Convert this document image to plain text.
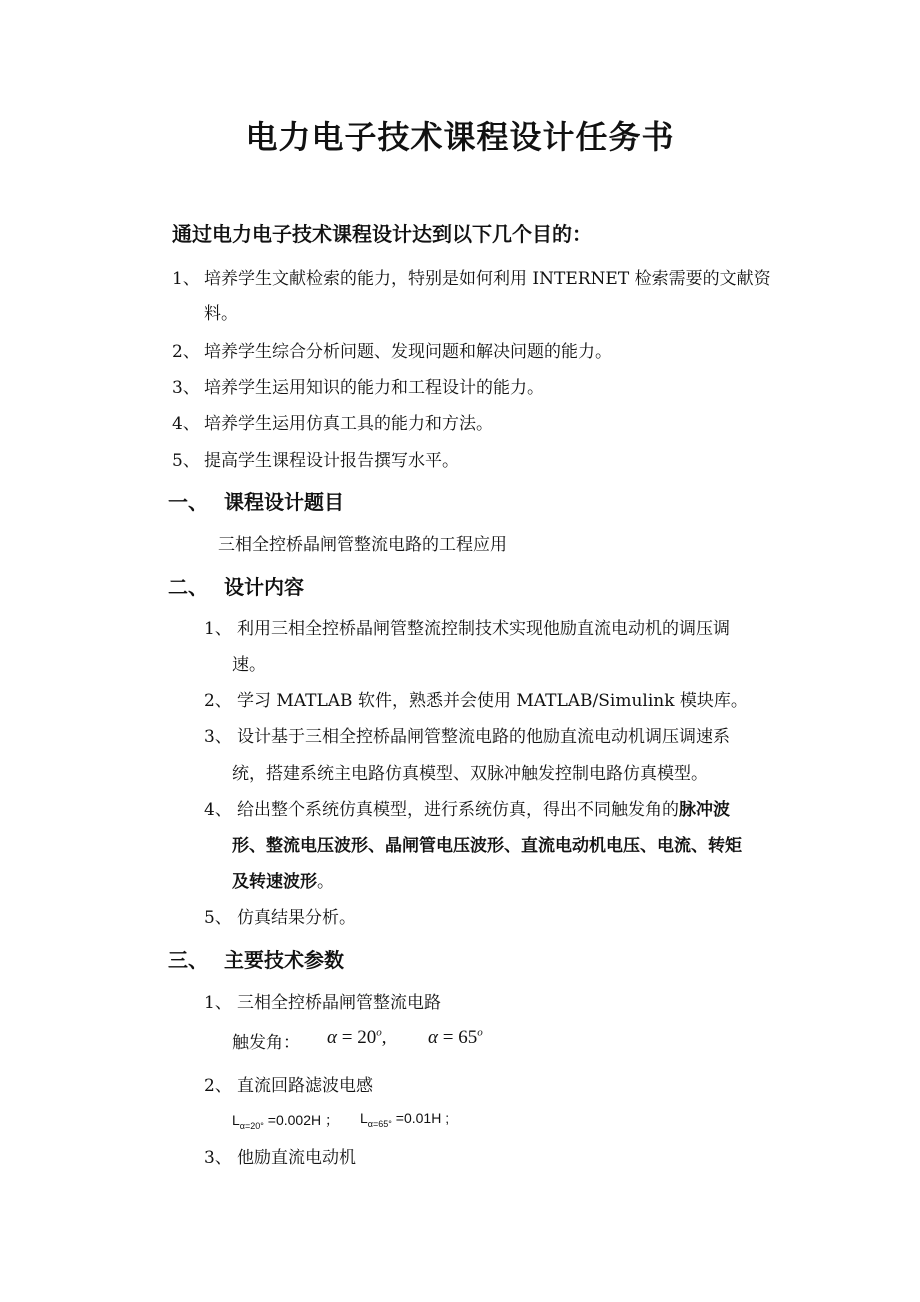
电力电子技术课程设计任务书
通过电力电子技术课程设计达到以下几个目的：
1、 培养学生文献检索的能力，特别是如何利用 INTERNET 检索需要的文献资
料。
2、 培养学生综合分析问题、发现问题和解决问题的能力。
3、 培养学生运用知识的能力和工程设计的能力。
4、 培养学生运用仿真工具的能力和方法。
5、 提高学生课程设计报告撰写水平。
一、 课程设计题目
三相全控桥晶闸管整流电路的工程应用
二、 设计内容
1、 利用三相全控桥晶闸管整流控制技术实现他励直流电动机的调压调
速。
2、 学习 MATLAB 软件，熟悉并会使用 MATLAB/Simulink 模块库。
3、 设计基于三相全控桥晶闸管整流电路的他励直流电动机调压调速系
统，搭建系统主电路仿真模型、双脉冲触发控制电路仿真模型。
4、 给出整个系统仿真模型，进行系统仿真，得出不同触发角的脉冲波
形、整流电压波形、晶闸管电压波形、直流电动机电压、电流、转矩
及转速波形。
5、 仿真结果分析。
三、 主要技术参数
1、 三相全控桥晶闸管整流电路
触发角： $\alpha = 20^o$, $\alpha = 65^o$
2、 直流回路滤波电感
$L_{\alpha=20^\circ} =0.002H$ ； $L_{\alpha=65^\circ} =0.01H$ ;
3、 他励直流电动机
